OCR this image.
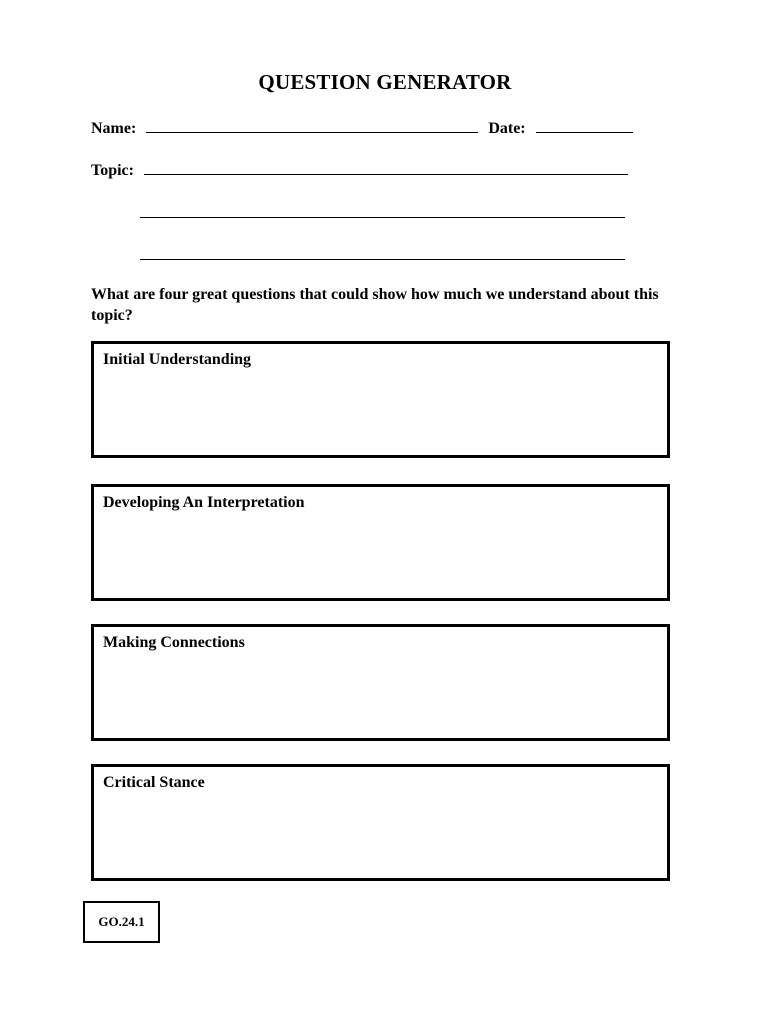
QUESTION GENERATOR
Name:	Date:
Topic:
What are four great questions that could show how much we understand about this topic?
Initial Understanding
Developing An Interpretation
Making Connections
Critical Stance
GO.24.1
